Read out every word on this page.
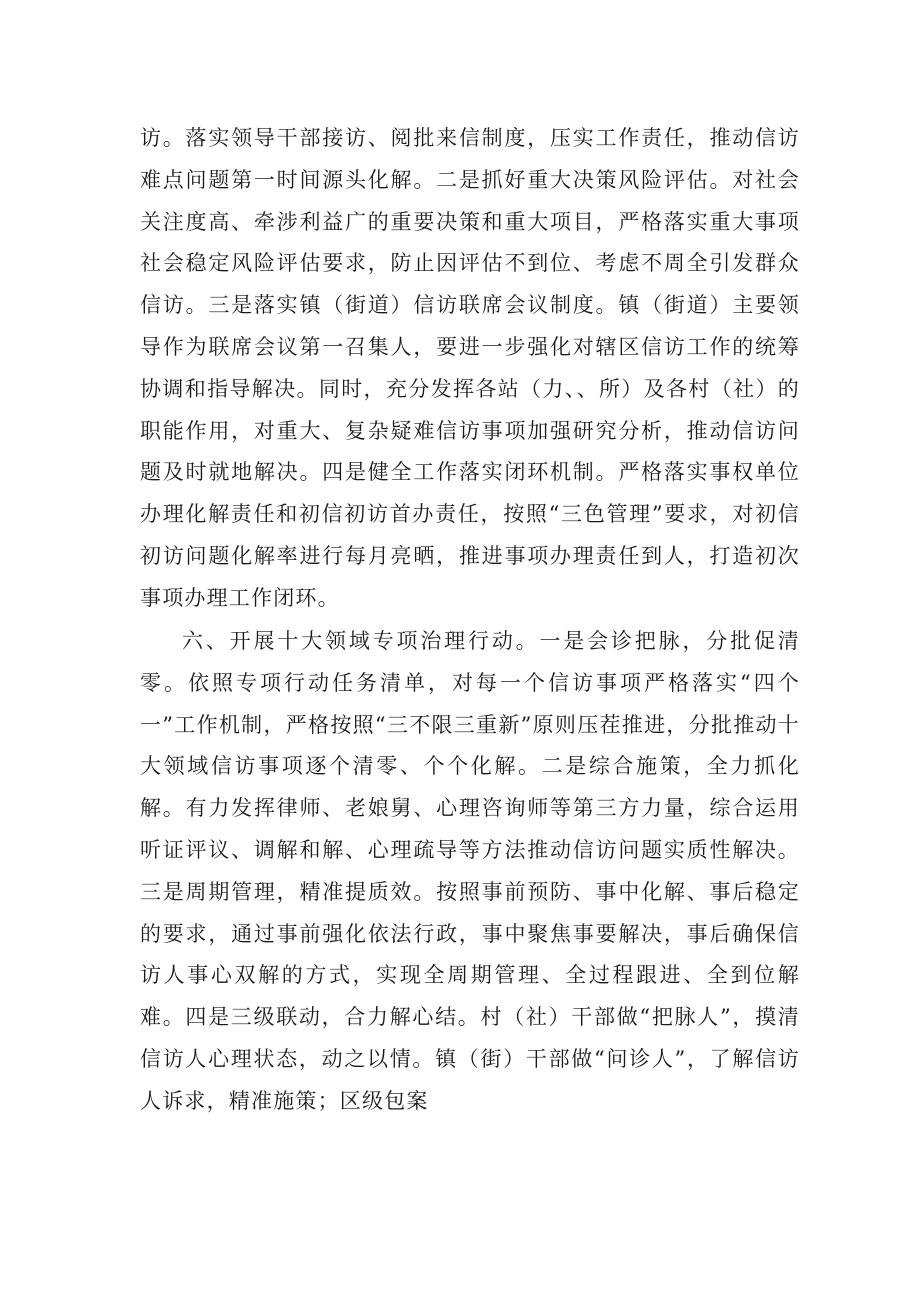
访。落实领导干部接访、阅批来信制度，压实工作责任，推动信访难点问题第一时间源头化解。二是抓好重大决策风险评估。对社会关注度高、牵涉利益广的重要决策和重大项目，严格落实重大事项社会稳定风险评估要求，防止因评估不到位、考虑不周全引发群众信访。三是落实镇（街道）信访联席会议制度。镇（街道）主要领导作为联席会议第一召集人，要进一步强化对辖区信访工作的统筹协调和指导解决。同时，充分发挥各站（力、、所）及各村（社）的职能作用，对重大、复杂疑难信访事项加强研究分析，推动信访问题及时就地解决。四是健全工作落实闭环机制。严格落实事权单位办理化解责任和初信初访首办责任，按照“三色管理”要求，对初信初访问题化解率进行每月亮晒，推进事项办理责任到人，打造初次事项办理工作闭环。

六、开展十大领域专项治理行动。一是会诊把脉，分批促清零。依照专项行动任务清单，对每一个信访事项严格落实“四个一”工作机制，严格按照“三不限三重新”原则压茬推进，分批推动十大领域信访事项逐个清零、个个化解。二是综合施策，全力抓化解。有力发挥律师、老娘舅、心理咨询师等第三方力量，综合运用听证评议、调解和解、心理疏导等方法推动信访问题实质性解决。三是周期管理，精准提质效。按照事前预防、事中化解、事后稳定的要求，通过事前强化依法行政，事中聚焦事要解决，事后确保信访人事心双解的方式，实现全周期管理、全过程跟进、全到位解难。四是三级联动，合力解心结。村（社）干部做“把脉人”，摸清信访人心理状态，动之以情。镇（街）干部做“问诊人”，了解信访人诉求，精准施策；区级包案
